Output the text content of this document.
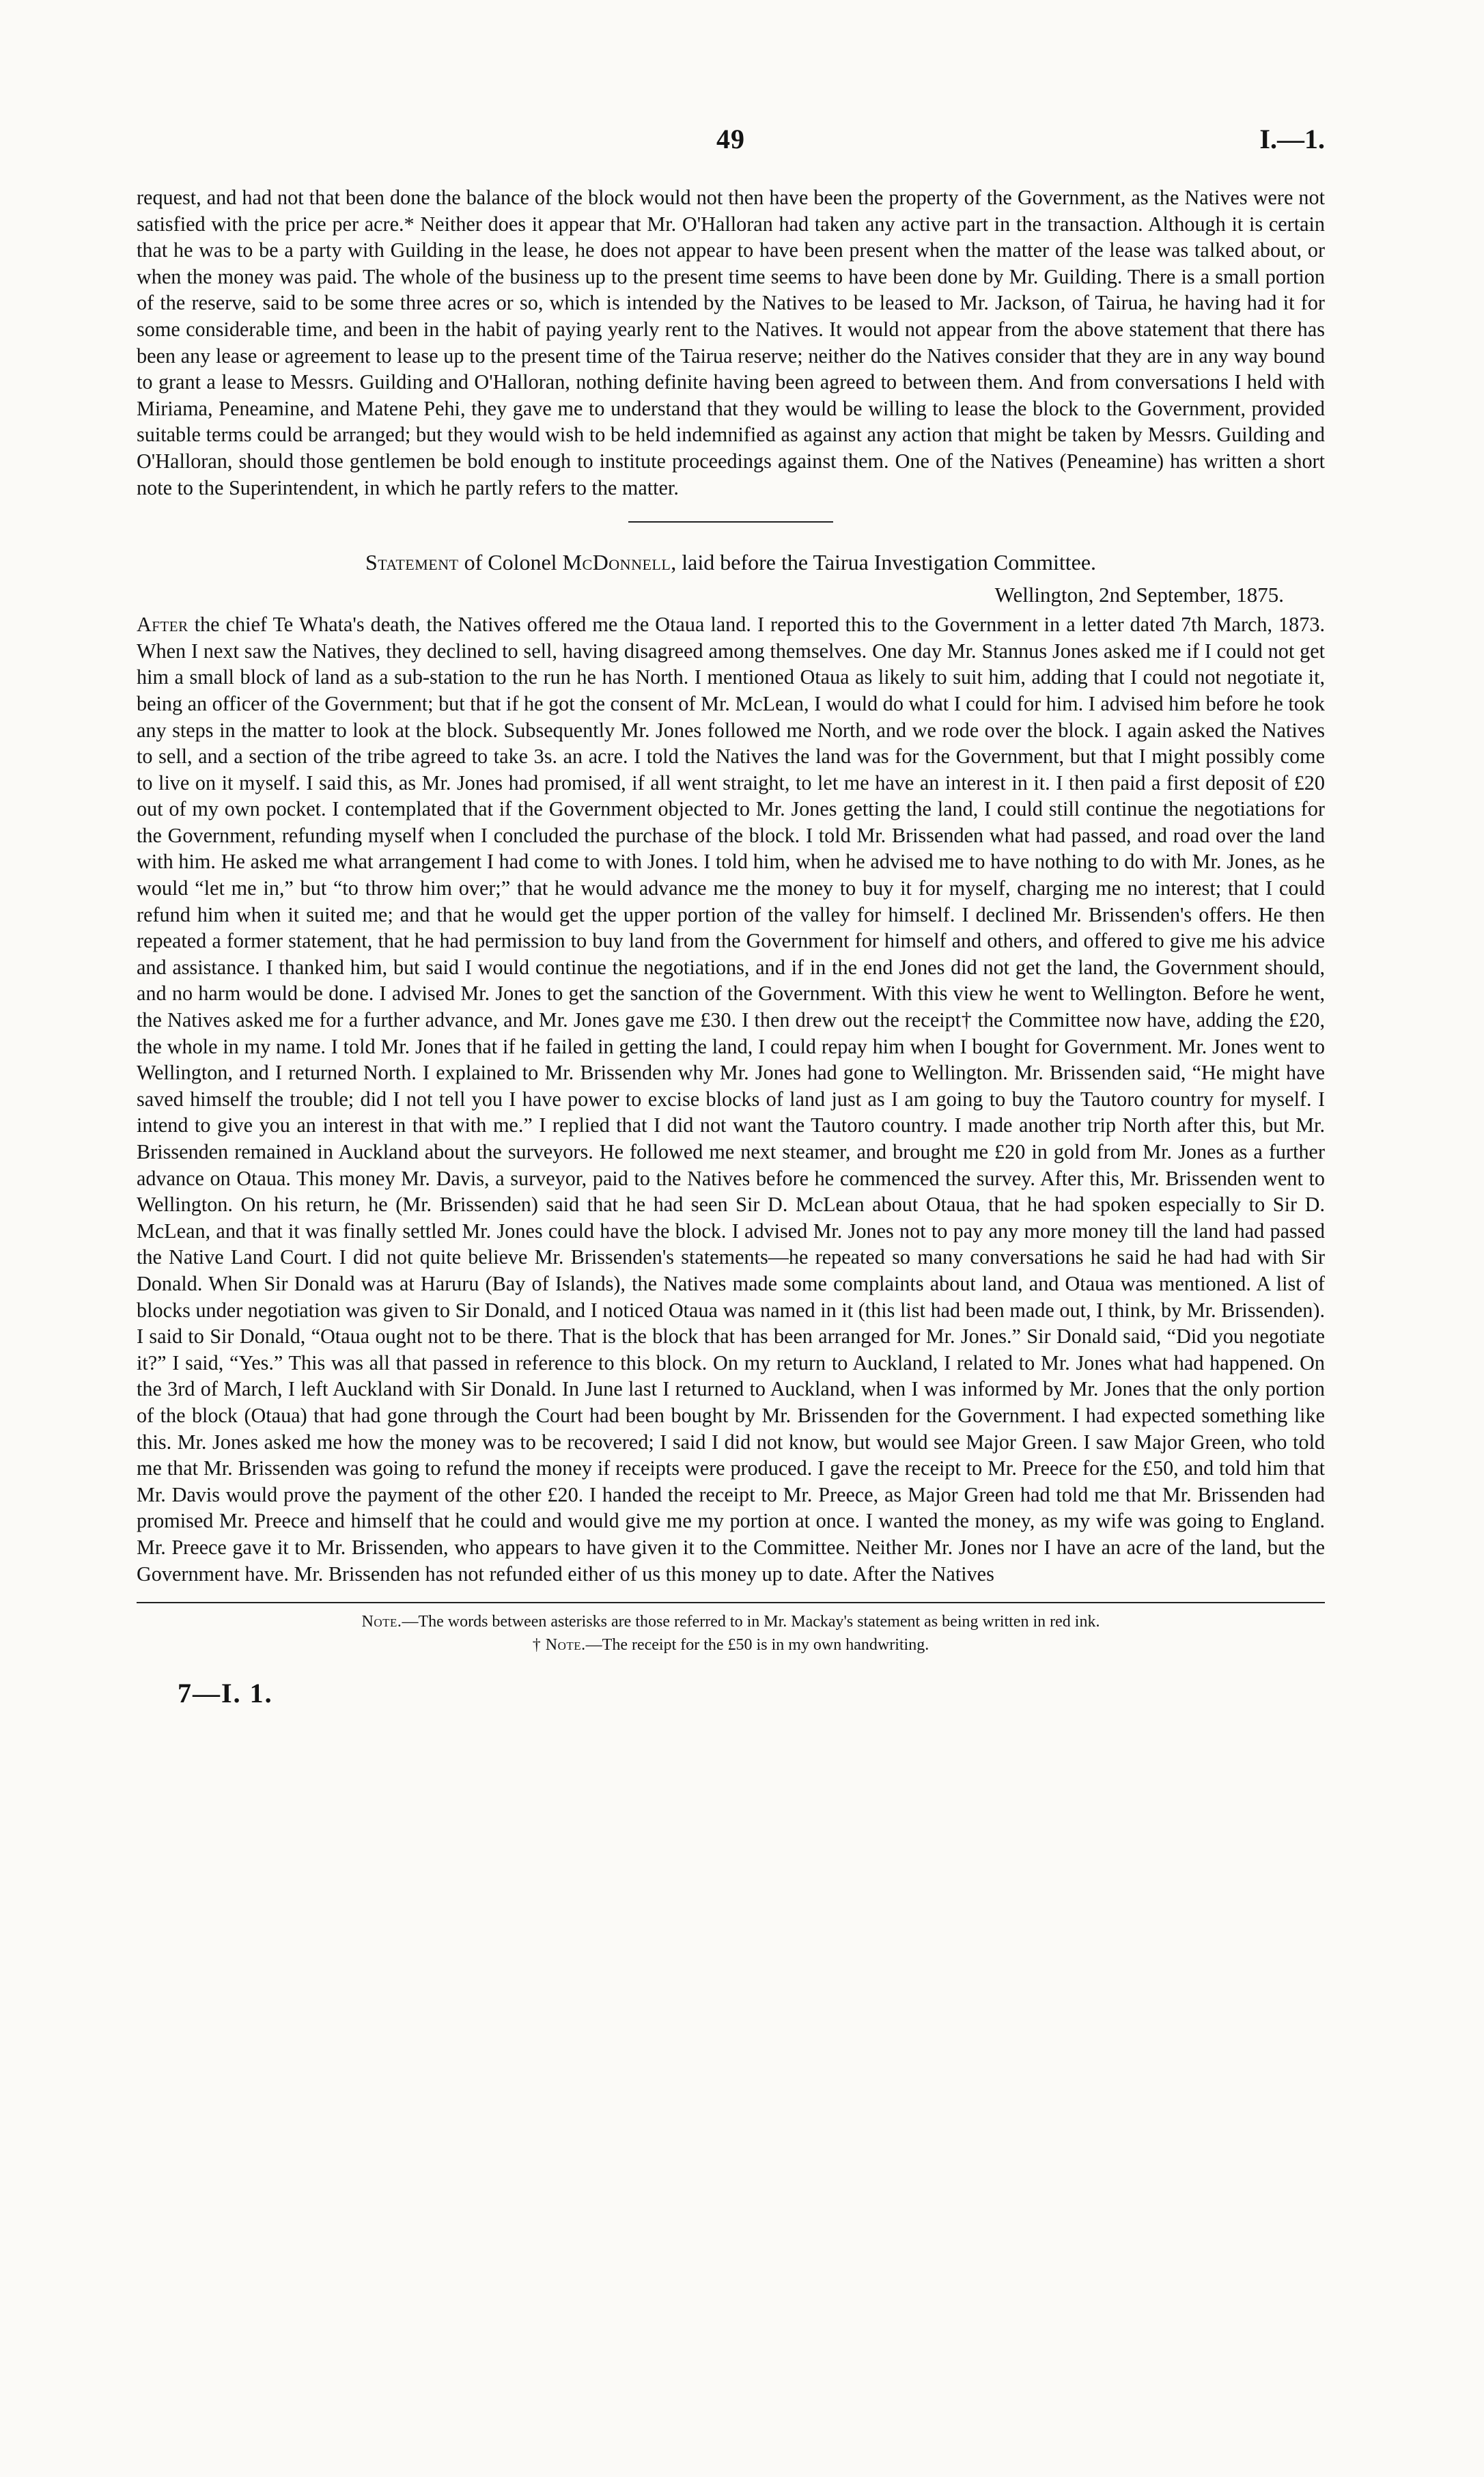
49	I.—1.

request, and had not that been done the balance of the block would not then have been the property of the Government, as the Natives were not satisfied with the price per acre.* Neither does it appear that Mr. O'Halloran had taken any active part in the transaction. Although it is certain that he was to be a party with Guilding in the lease, he does not appear to have been present when the matter of the lease was talked about, or when the money was paid. The whole of the business up to the present time seems to have been done by Mr. Guilding. There is a small portion of the reserve, said to be some three acres or so, which is intended by the Natives to be leased to Mr. Jackson, of Tairua, he having had it for some considerable time, and been in the habit of paying yearly rent to the Natives. It would not appear from the above statement that there has been any lease or agreement to lease up to the present time of the Tairua reserve; neither do the Natives consider that they are in any way bound to grant a lease to Messrs. Guilding and O'Halloran, nothing definite having been agreed to between them. And from conversations I held with Miriama, Peneamine, and Matene Pehi, they gave me to understand that they would be willing to lease the block to the Government, provided suitable terms could be arranged; but they would wish to be held indemnified as against any action that might be taken by Messrs. Guilding and O'Halloran, should those gentlemen be bold enough to institute proceedings against them. One of the Natives (Peneamine) has written a short note to the Superintendent, in which he partly refers to the matter.

Statement of Colonel McDonnell, laid before the Tairua Investigation Committee.
Wellington, 2nd September, 1875.

After the chief Te Whata's death, the Natives offered me the Otaua land. I reported this to the Government in a letter dated 7th March, 1873. When I next saw the Natives, they declined to sell, having disagreed among themselves. One day Mr. Stannus Jones asked me if I could not get him a small block of land as a sub-station to the run he has North. I mentioned Otaua as likely to suit him, adding that I could not negotiate it, being an officer of the Government; but that if he got the consent of Mr. McLean, I would do what I could for him. I advised him before he took any steps in the matter to look at the block. Subsequently Mr. Jones followed me North, and we rode over the block. I again asked the Natives to sell, and a section of the tribe agreed to take 3s. an acre. I told the Natives the land was for the Government, but that I might possibly come to live on it myself. I said this, as Mr. Jones had promised, if all went straight, to let me have an interest in it. I then paid a first deposit of £20 out of my own pocket. I contemplated that if the Government objected to Mr. Jones getting the land, I could still continue the negotiations for the Government, refunding myself when I concluded the purchase of the block. I told Mr. Brissenden what had passed, and road over the land with him. He asked me what arrangement I had come to with Jones. I told him, when he advised me to have nothing to do with Mr. Jones, as he would “let me in,” but “to throw him over;” that he would advance me the money to buy it for myself, charging me no interest; that I could refund him when it suited me; and that he would get the upper portion of the valley for himself. I declined Mr. Brissenden's offers. He then repeated a former statement, that he had permission to buy land from the Government for himself and others, and offered to give me his advice and assistance. I thanked him, but said I would continue the negotiations, and if in the end Jones did not get the land, the Government should, and no harm would be done. I advised Mr. Jones to get the sanction of the Government. With this view he went to Wellington. Before he went, the Natives asked me for a further advance, and Mr. Jones gave me £30. I then drew out the receipt† the Committee now have, adding the £20, the whole in my name. I told Mr. Jones that if he failed in getting the land, I could repay him when I bought for Government. Mr. Jones went to Wellington, and I returned North. I explained to Mr. Brissenden why Mr. Jones had gone to Wellington. Mr. Brissenden said, “He might have saved himself the trouble; did I not tell you I have power to excise blocks of land just as I am going to buy the Tautoro country for myself. I intend to give you an interest in that with me.” I replied that I did not want the Tautoro country. I made another trip North after this, but Mr. Brissenden remained in Auckland about the surveyors. He followed me next steamer, and brought me £20 in gold from Mr. Jones as a further advance on Otaua. This money Mr. Davis, a surveyor, paid to the Natives before he commenced the survey. After this, Mr. Brissenden went to Wellington. On his return, he (Mr. Brissenden) said that he had seen Sir D. McLean about Otaua, that he had spoken especially to Sir D. McLean, and that it was finally settled Mr. Jones could have the block. I advised Mr. Jones not to pay any more money till the land had passed the Native Land Court. I did not quite believe Mr. Brissenden's statements—he repeated so many conversations he said he had had with Sir Donald. When Sir Donald was at Haruru (Bay of Islands), the Natives made some complaints about land, and Otaua was mentioned. A list of blocks under negotiation was given to Sir Donald, and I noticed Otaua was named in it (this list had been made out, I think, by Mr. Brissenden). I said to Sir Donald, “Otaua ought not to be there. That is the block that has been arranged for Mr. Jones.” Sir Donald said, “Did you negotiate it?” I said, “Yes.” This was all that passed in reference to this block. On my return to Auckland, I related to Mr. Jones what had happened. On the 3rd of March, I left Auckland with Sir Donald. In June last I returned to Auckland, when I was informed by Mr. Jones that the only portion of the block (Otaua) that had gone through the Court had been bought by Mr. Brissenden for the Government. I had expected something like this. Mr. Jones asked me how the money was to be recovered; I said I did not know, but would see Major Green. I saw Major Green, who told me that Mr. Brissenden was going to refund the money if receipts were produced. I gave the receipt to Mr. Preece for the £50, and told him that Mr. Davis would prove the payment of the other £20. I handed the receipt to Mr. Preece, as Major Green had told me that Mr. Brissenden had promised Mr. Preece and himself that he could and would give me my portion at once. I wanted the money, as my wife was going to England. Mr. Preece gave it to Mr. Brissenden, who appears to have given it to the Committee. Neither Mr. Jones nor I have an acre of the land, but the Government have. Mr. Brissenden has not refunded either of us this money up to date. After the Natives

Note.—The words between asterisks are those referred to in Mr. Mackay's statement as being written in red ink.

† Note.—The receipt for the £50 is in my own handwriting.

7—I. 1.
